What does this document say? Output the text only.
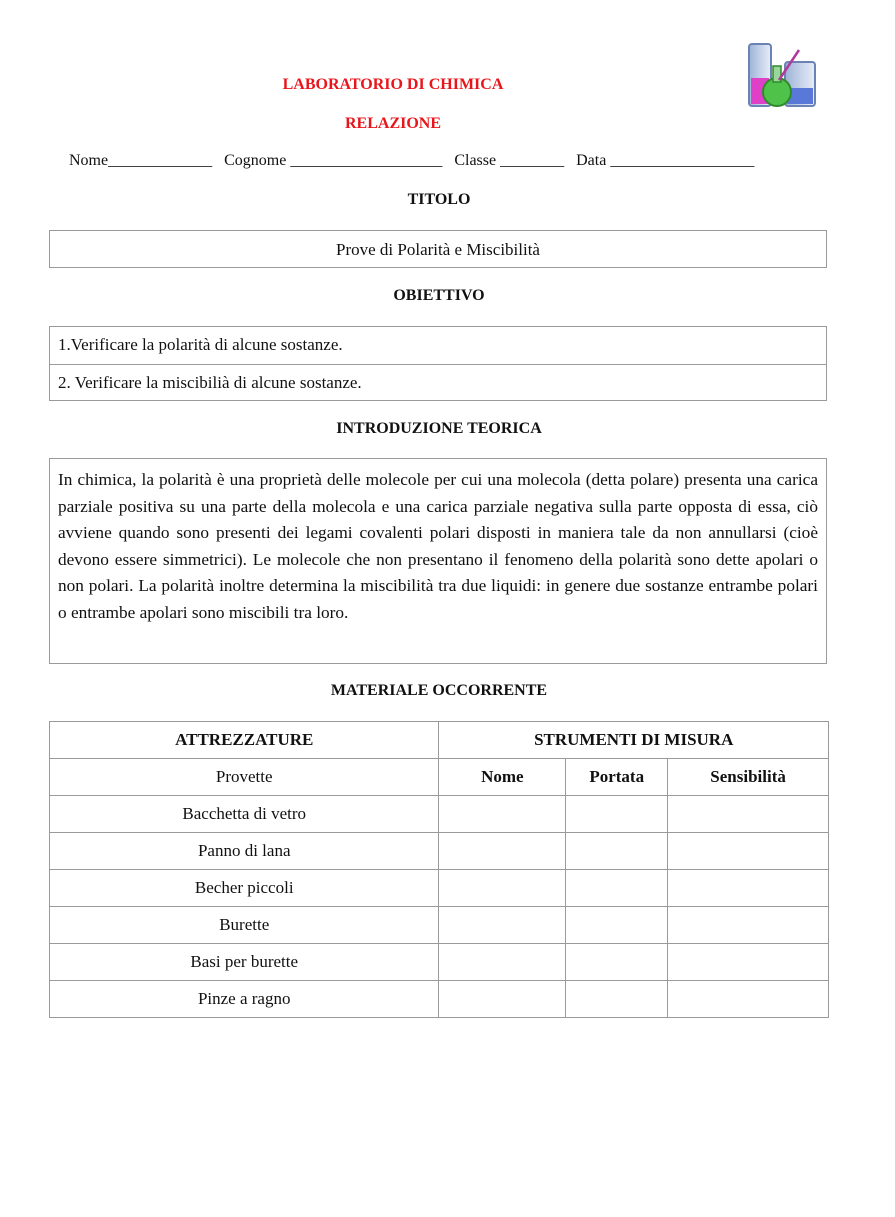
LABORATORIO DI CHIMICA
RELAZIONE
Nome_____________ Cognome ___________________ Classe ________ Data __________________
TITOLO
Prove di Polarità e Miscibilità
OBIETTIVO
1.Verificare la polarità di alcune sostanze.
2. Verificare la miscibilià di alcune sostanze.
INTRODUZIONE TEORICA
In chimica, la polarità è una proprietà delle molecole per cui una molecola (detta polare) presenta una carica parziale positiva su una parte della molecola e una carica parziale negativa sulla parte opposta di essa, ciò avviene quando sono presenti dei legami covalenti polari disposti in maniera tale da non annullarsi (cioè devono essere simmetrici). Le molecole che non presentano il fenomeno della polarità sono dette apolari o non polari. La polarità inoltre determina la miscibilità tra due liquidi: in genere due sostanze entrambe polari o entrambe apolari sono miscibili tra loro.
MATERIALE OCCORRENTE
ATTREZZATURE	STRUMENTI DI MISURA		
Provette	Nome	Portata	Sensibilità
Bacchetta di vetro			
Panno di lana			
Becher piccoli			
Burette			
Basi per burette			
Pinze a ragno			
